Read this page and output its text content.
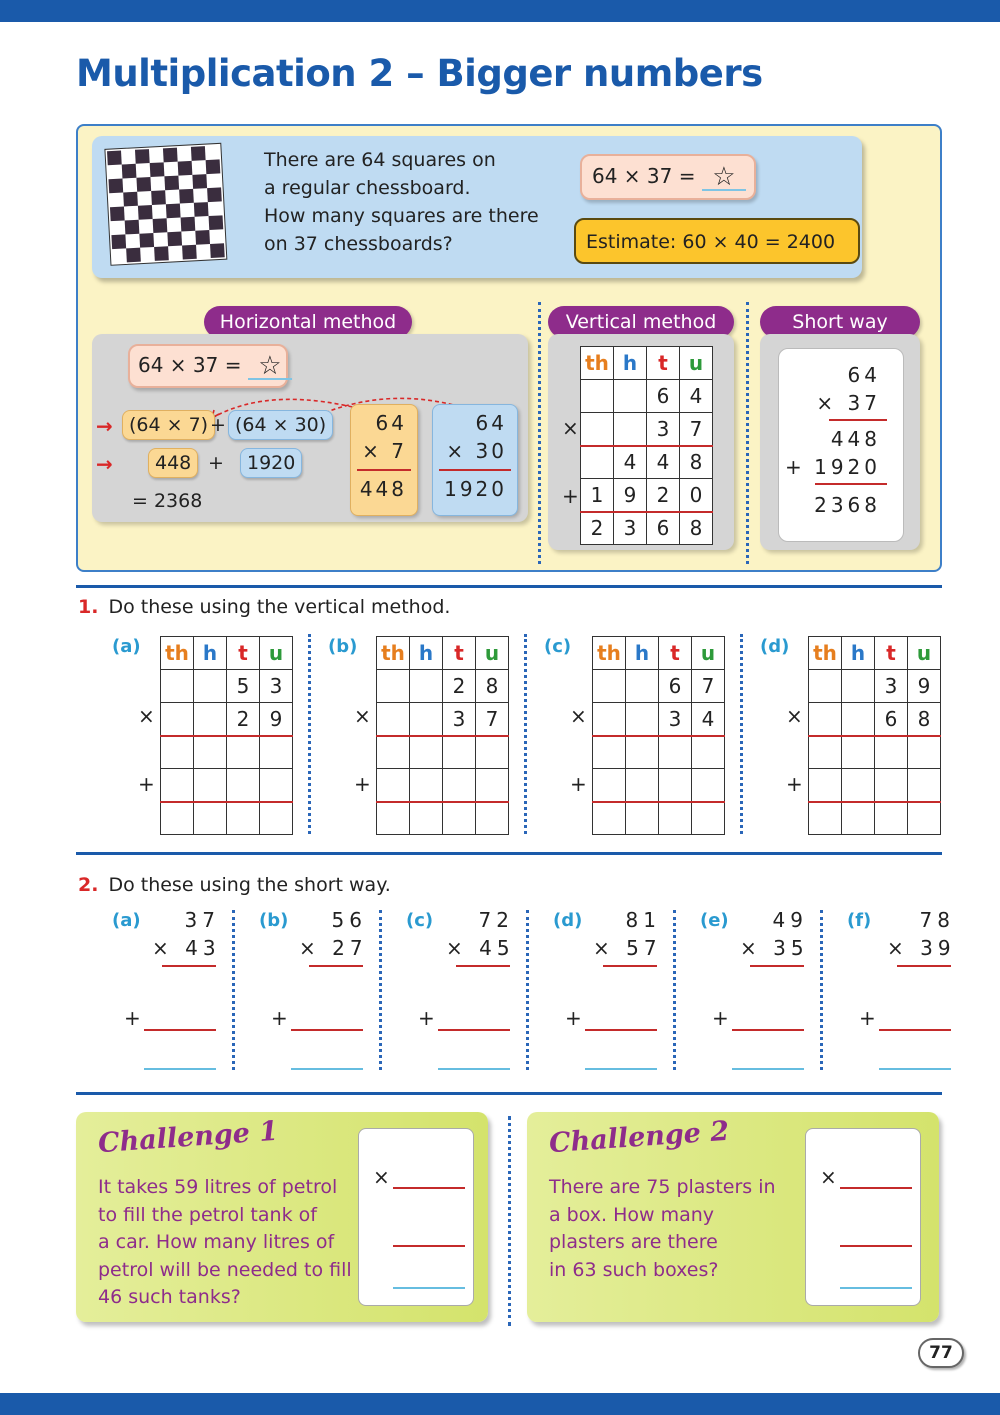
Multiplication 2 – Bigger numbers
There are 64 squares on
a regular chessboard.
How many squares are there
on 37 chessboards?
64 × 37 = ☆
Estimate: 60 × 40 = 2400
Horizontal method	Vertical method	Short way
64 × 37 = ☆
→ (64 × 7) + (64 × 30)
→	448 +	1920
= 2368
64
× 7
448
64
× 30
1920
×
+
th	h	t	u
		6	4
		3	7
	4	4	8
1	9	2	0
2	3	6	8
64
× 37
448
+ 1920
2368
1. Do these using the vertical method.
(a)
×
+
th	h	t	u
		5	3
		2	9

(b)
×
+
th	h	t	u
		2	8
		3	7

(c)
×
+
th	h	t	u
		6	7
		3	4

(d)
×
+
th	h	t	u
		3	9
		6	8

2. Do these using the short way.
(a)	37
× 43
+
(b)	56
× 27
+
(c)	72
× 45
+
(d)	81
× 57
+
(e)	49
× 35
+
(f)	78
× 39
+
Challenge 1
It takes 59 litres of petrol
to fill the petrol tank of
a car. How many litres of
petrol will be needed to fill
46 such tanks?
×
Challenge 2
There are 75 plasters in
a box. How many
plasters are there
in 63 such boxes?
×
77
